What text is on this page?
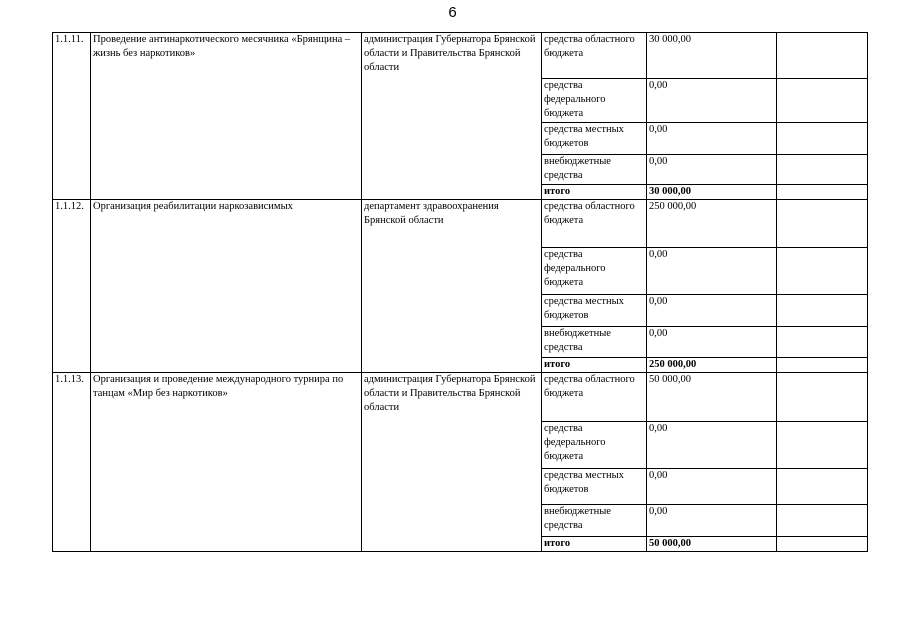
6
1.1.11.	Проведение антинаркотического месячника «Брянщина – жизнь без наркотиков»	администрация Губернатора Брянской области и Правительства Брянской области	средства областного бюджета	30 000,00	
			средства федерального бюджета	0,00	
			средства местных бюджетов	0,00	
			внебюджетные средства	0,00	
			итого	30 000,00	
1.1.12.	Организация реабилитации наркозависимых	департамент здравоохранения Брянской области	средства областного бюджета	250 000,00	
			средства федерального бюджета	0,00	
			средства местных бюджетов	0,00	
			внебюджетные средства	0,00	
			итого	250 000,00	
1.1.13.	Организация и проведение международного турнира по танцам «Мир без наркотиков»	администрация Губернатора Брянской области и Правительства Брянской области	средства областного бюджета	50 000,00	
			средства федерального бюджета	0,00	
			средства местных бюджетов	0,00	
			внебюджетные средства	0,00	
			итого	50 000,00	
